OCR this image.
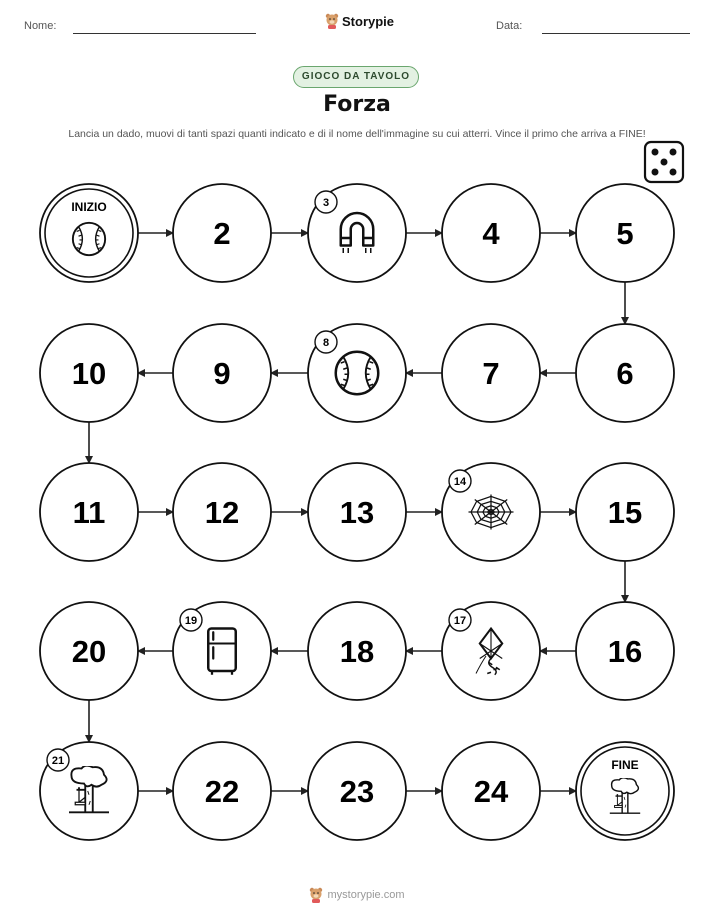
Nome:	Storypie	Data:
GIOCO DA TAVOLO
Forza
Lancia un dado, muovi di tanti spazi quanti indicato e di il nome dell'immagine su cui atterri. Vince il primo che arriva a FINE!
INIZIO
2
3
4	5
6
7
8
9
10
11	12	13
14
15
16
17
18
19
20
21
22	23	24
FINE
mystorypie.com
